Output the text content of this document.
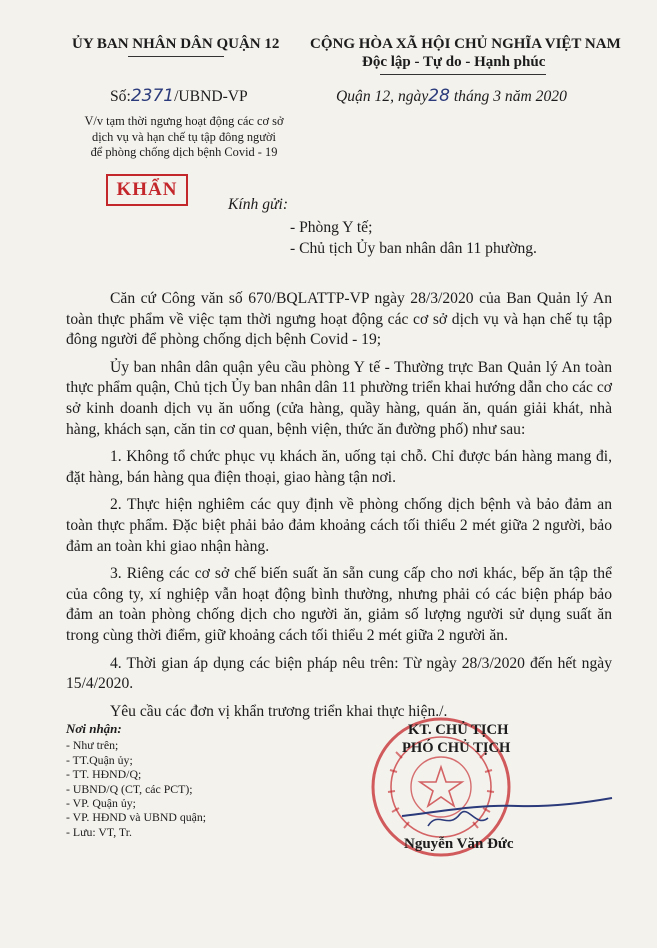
ỦY BAN NHÂN DÂN QUẬN 12 CỘNG HÒA XÃ HỘI CHỦ NGHĨA VIỆT NAM
Độc lập - Tự do - Hạnh phúc
Số:2371/UBND-VP	Quận 12, ngày28 tháng 3 năm 2020
V/v tạm thời ngưng hoạt động các cơ sở
dịch vụ và hạn chế tụ tập đông người
để phòng chống dịch bệnh Covid - 19
KHẨN
Kính gửi:
- Phòng Y tế;
- Chủ tịch Ủy ban nhân dân 11 phường.

Căn cứ Công văn số 670/BQLATTP-VP ngày 28/3/2020 của Ban Quản lý An toàn thực phẩm về việc tạm thời ngưng hoạt động các cơ sở dịch vụ và hạn chế tụ tập đông người để phòng chống dịch bệnh Covid - 19;

Ủy ban nhân dân quận yêu cầu phòng Y tế - Thường trực Ban Quản lý An toàn thực phẩm quận, Chủ tịch Ủy ban nhân dân 11 phường triển khai hướng dẫn cho các cơ sở kinh doanh dịch vụ ăn uống (cửa hàng, quầy hàng, quán ăn, quán giải khát, nhà hàng, khách sạn, căn tin cơ quan, bệnh viện, thức ăn đường phố) như sau:

1. Không tổ chức phục vụ khách ăn, uống tại chỗ. Chỉ được bán hàng mang đi, đặt hàng, bán hàng qua điện thoại, giao hàng tận nơi.

2. Thực hiện nghiêm các quy định về phòng chống dịch bệnh và bảo đảm an toàn thực phẩm. Đặc biệt phải bảo đảm khoảng cách tối thiểu 2 mét giữa 2 người, bảo đảm an toàn khi giao nhận hàng.

3. Riêng các cơ sở chế biến suất ăn sẵn cung cấp cho nơi khác, bếp ăn tập thể của công ty, xí nghiệp vẫn hoạt động bình thường, nhưng phải có các biện pháp bảo đảm an toàn phòng chống dịch cho người ăn, giảm số lượng người sử dụng suất ăn trong cùng thời điểm, giữ khoảng cách tối thiểu 2 mét giữa 2 người ăn.

4. Thời gian áp dụng các biện pháp nêu trên: Từ ngày 28/3/2020 đến hết ngày 15/4/2020.

Yêu cầu các đơn vị khẩn trương triển khai thực hiện./.

Nơi nhận:
- Như trên;
- TT.Quận ủy;
- TT. HĐND/Q;
- UBND/Q (CT, các PCT);
- VP. Quận ủy;
- VP. HĐND và UBND quận;
- Lưu: VT, Tr.
KT. CHỦ TỊCH
PHÓ CHỦ TỊCH
Nguyễn Văn Đức
